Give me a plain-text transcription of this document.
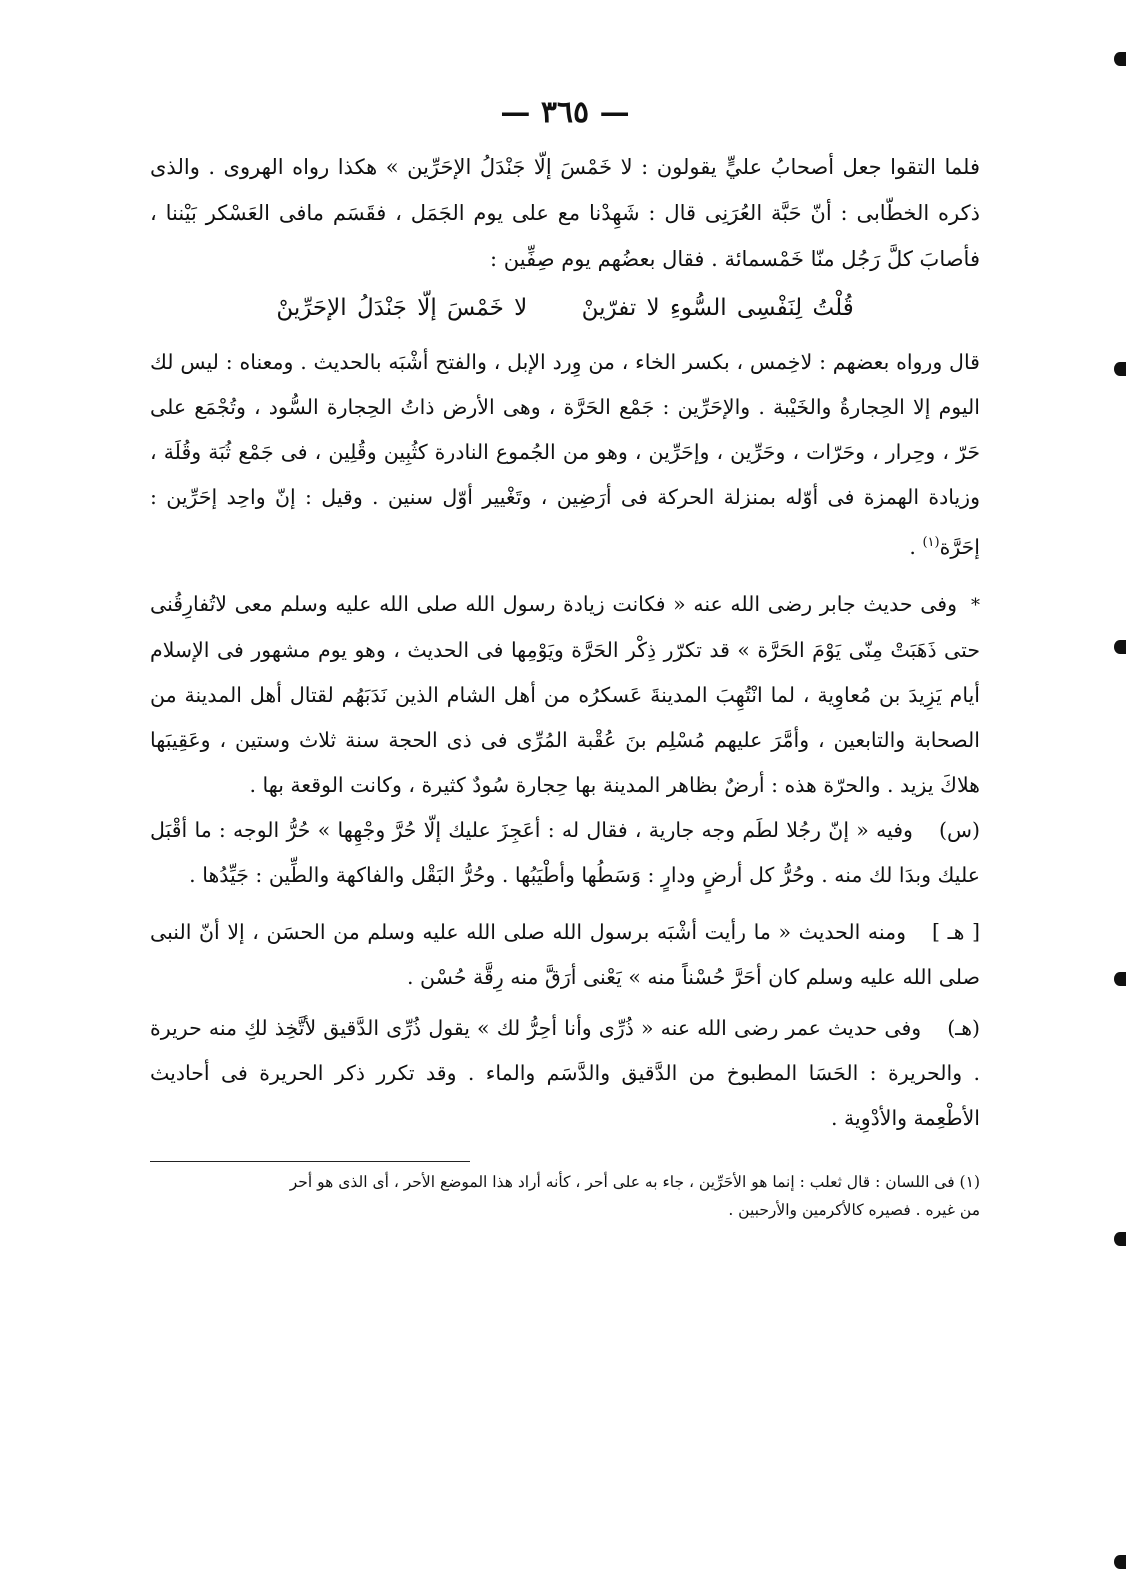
— ٣٦٥ —

فلما التقوا جعل أصحابُ عليٍّ يقولون : لا خَمْسَ إلّا جَنْدَلُ الإحَرِّين » هكذا رواه الهروى . والذى ذكره الخطّابى : أنّ حَبَّة العُرَنِى قال : شَهِدْنا مع على يوم الجَمَل ، فقَسَم مافى العَسْكر بَيْننا ، فأصابَ كلَّ رَجُل منّا خَمْسمائة . فقال بعضُهم يوم صِفِّين :

قُلْتُ لِنَفْسِى السُّوءِ لا تفرّينْ لا خَمْسَ إلّا جَنْدَلُ الإحَرِّينْ

قال ورواه بعضهم : لاخِمس ، بكسر الخاء ، من وِرد الإبل ، والفتح أشْبَه بالحديث . ومعناه : ليس لك اليوم إلا الحِجارةُ والخَيْبة . والإحَرِّين : جَمْع الحَرَّة ، وهى الأرض ذاتُ الحِجارة السُّود ، وتُجْمَع على حَرّ ، وحِرار ، وحَرّات ، وحَرِّين ، وإحَرِّين ، وهو من الجُموع النادرة كثُبِين وقُلِين ، فى جَمْع ثُبَة وقُلَة ، وزيادة الهمزة فى أوّله بمنزلة الحركة فى أرَضِين ، وتَغْيير أوّل سنين . وقيل : إنّ واحِد إحَرِّين : إحَرَّة$^{(١)}$ .

*وفى حديث جابر رضى الله عنه « فكانت زيادة رسول الله صلى الله عليه وسلم معى لاتُفارِقُنى حتى ذَهَبَتْ مِنّى يَوْمَ الحَرَّة » قد تكرّر ذِكْر الحَرَّة ويَوْمِها فى الحديث ، وهو يوم مشهور فى الإسلام أيام يَزِيدَ بن مُعاوِية ، لما انْتُهِبَ المدينةَ عَسكرُه من أهل الشام الذين نَدَبَهُم لقتال أهل المدينة من الصحابة والتابعين ، وأمَّرَ عليهم مُسْلِم بنَ عُقْبة المُرِّى فى ذى الحجة سنة ثلاث وستين ، وعَقِيبَها هلاكَ يزيد . والحرّة هذه : أرضٌ بظاهر المدينة بها حِجارة سُودٌ كثيرة ، وكانت الوقعة بها .

(س)وفيه « إنّ رجُلا لطَم وجه جارية ، فقال له : أعَجِزَ عليك إلّا حُرَّ وجْهِها » حُرُّ الوجه : ما أقْبَل عليك وبدَا لك منه . وحُرُّ كل أرضٍ ودارٍ : وَسَطُها وأطْيَبُها . وحُرُّ البَقْل والفاكهة والطِّين : جَيِّدُها .

[ هـ ]ومنه الحديث « ما رأيت أشْبَه برسول الله صلى الله عليه وسلم من الحسَن ، إلا أنّ النبى صلى الله عليه وسلم كان أحَرَّ حُسْناً منه » يَعْنى أرَقَّ منه رِقَّة حُسْن .

(هـ)وفى حديث عمر رضى الله عنه « ذُرِّى وأنا أحِرُّ لك » يقول ذُرِّى الدَّقيق لأتَّخِذ لكِ منه حريرة . والحريرة : الحَسَا المطبوخ من الدَّقيق والدَّسَم والماء . وقد تكرر ذكر الحريرة فى أحاديث الأطْعِمة والأدْوِية .

(١) فى اللسان : قال ثعلب : إنما هو الأحَرِّين ، جاء به على أحر ، كأنه أراد هذا الموضع الأحر ، أى الذى هو أحر

من غيره . فصيره كالأكرمين والأرحبين .
